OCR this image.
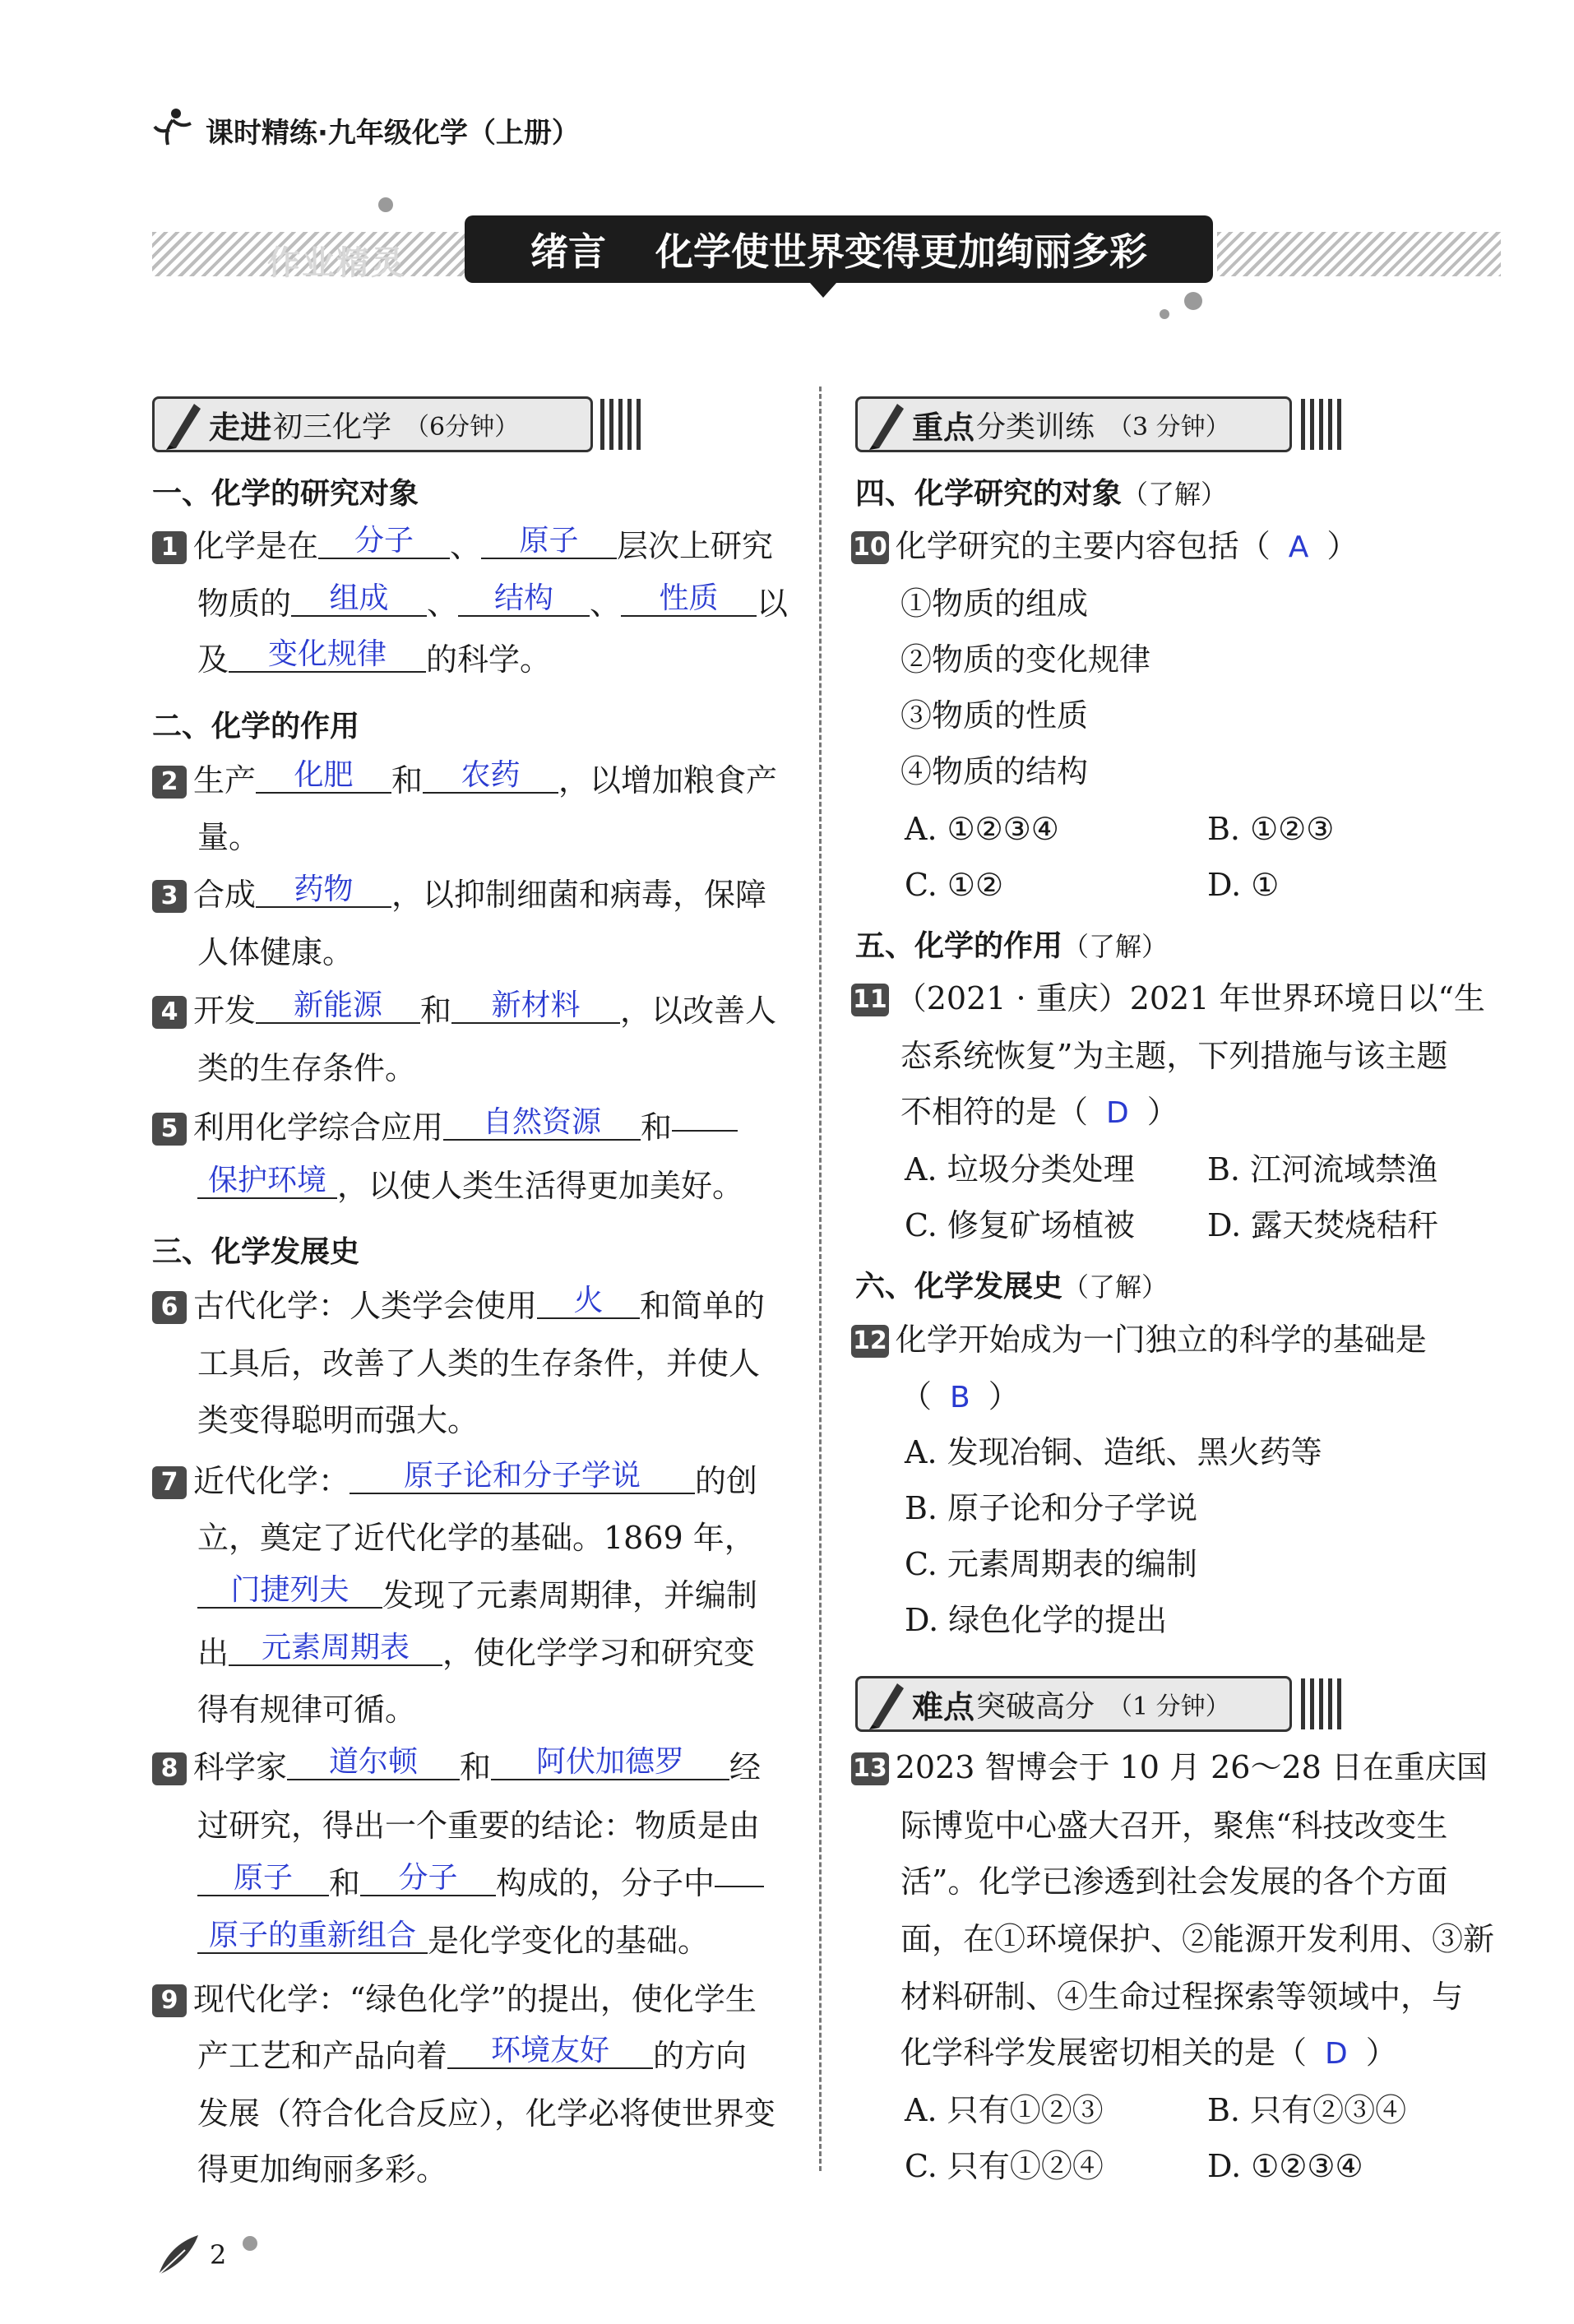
课时精练·九年级化学（上册）
作业精灵	绪言 化学使世界变得更加绚丽多彩
走进 初三化学 （6分钟）
一、化学的研究对象
1 化学是在 分子 、 原子 层次上研究
物质的 组成 、 结构 、 性质 以
及 变化规律 的科学。
二、化学的作用
2 生产 化肥 和 农药 ，以增加粮食产
量。
3 合成 药物 ，以抑制细菌和病毒，保障
人体健康。
4 开发 新能源 和 新材料 ，以改善人
类的生存条件。
5 利用化学综合应用 自然资源 和
保护环境 ，以使人类生活得更加美好。
三、化学发展史
6 古代化学：人类学会使用 火 和简单的
工具后，改善了人类的生存条件，并使人
类变得聪明而强大。
7 近代化学： 原子论和分子学说 的创
立，奠定了近代化学的基础。1869 年，
门捷列夫 发现了元素周期律，并编制
出 元素周期表 ，使化学学习和研究变
得有规律可循。
8 科学家 道尔顿 和 阿伏加德罗 经
过研究，得出一个重要的结论：物质是由
原子 和 分子 构成的，分子中
原子的重新组合 是化学变化的基础。
9 现代化学：“绿色化学”的提出，使化学生
产工艺和产品向着 环境友好 的方向
发展（符合化合反应），化学必将使世界变
得更加绚丽多彩。
重点 分类训练 （3 分钟）
四、化学研究的对象（了解）
10 化学研究的主要内容包括（ A ）
①物质的组成
②物质的变化规律
③物质的性质
④物质的结构
A. ①②③④	B. ①②③
C. ①②	D. ①
五、化学的作用（了解）
11 （2021 · 重庆）2021 年世界环境日以“生
态系统恢复”为主题，下列措施与该主题
不相符的是（ D ）
A. 垃圾分类处理 B. 江河流域禁渔
C. 修复矿场植被 D. 露天焚烧秸秆
六、化学发展史（了解）
12 化学开始成为一门独立的科学的基础是
（ B ）
A. 发现冶铜、造纸、黑火药等
B. 原子论和分子学说
C. 元素周期表的编制
D. 绿色化学的提出
难点 突破高分 （1 分钟）
13 2023 智博会于 10 月 26～28 日在重庆国
际博览中心盛大召开，聚焦“科技改变生
活”。化学已渗透到社会发展的各个方面
面，在①环境保护、②能源开发利用、③新
材料研制、④生命过程探索等领域中，与
化学科学发展密切相关的是（ D ）
A. 只有①②③	B. 只有②③④
C. 只有①②④	D. ①②③④
2
